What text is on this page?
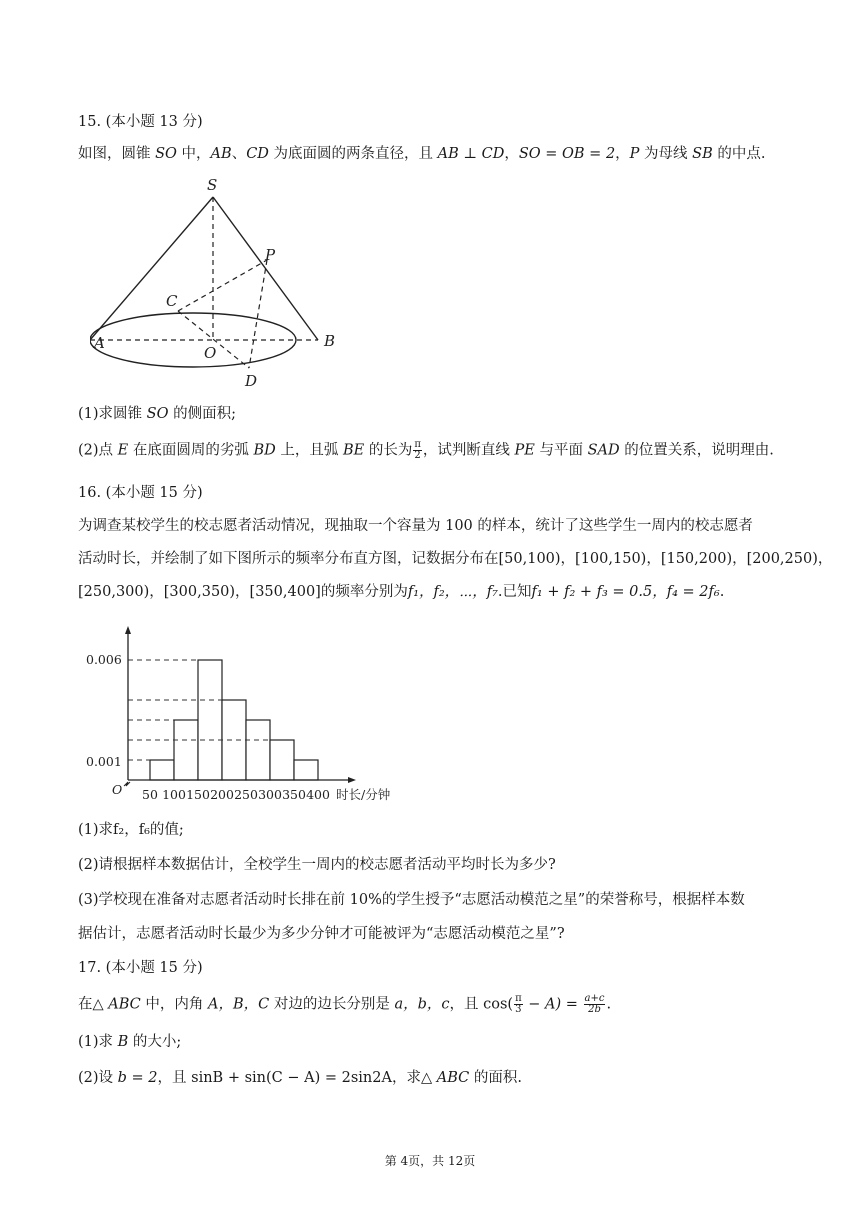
15. (本小题 13 分)
如图，圆锥 SO 中，AB、CD 为底面圆的两条直径，且 AB ⊥ CD，SO = OB = 2，P 为母线 SB 的中点.
S
P
C
A
O
B
D
(1)求圆锥 SO 的侧面积;
(2)点 E 在底面圆周的劣弧 BD 上，且弧 BE 的长为 $\frac{\pi}{2}$ ，试判断直线 PE 与平面 SAD 的位置关系，说明理由.
16. (本小题 15 分)
为调查某校学生的校志愿者活动情况，现抽取一个容量为 100 的样本，统计了这些学生一周内的校志愿者
活动时长，并绘制了如下图所示的频率分布直方图，记数据分布在[50,100)，[100,150)，[150,200)，[200,250)，
[250,300)，[300,350)，[350,400]的频率分别为f₁，f₂，⋯，f₇.已知f₁ + f₂ + f₃ = 0.5，f₄ = 2f₆.
0.006
0.001
O	时长/分钟
50 100 150 200 250 300 350 400
(1)求f₂，f₆的值;
(2)请根据样本数据估计，全校学生一周内的校志愿者活动平均时长为多少?
(3)学校现在准备对志愿者活动时长排在前 10%的学生授予“志愿活动模范之星”的荣誉称号，根据样本数
据估计，志愿者活动时长最少为多少分钟才可能被评为“志愿活动模范之星”?
17. (本小题 15 分)
在△ ABC 中，内角 A，B，C 对边的边长分别是 a，b，c，且 $\cos( \frac{\pi}{3} - A) = \frac{a+c}{2b}$ .
(1)求 B 的大小;
(2)设 b = 2，且 sinB + sin(C − A) = 2sin2A，求△ ABC 的面积.
第 4页，共 12页
